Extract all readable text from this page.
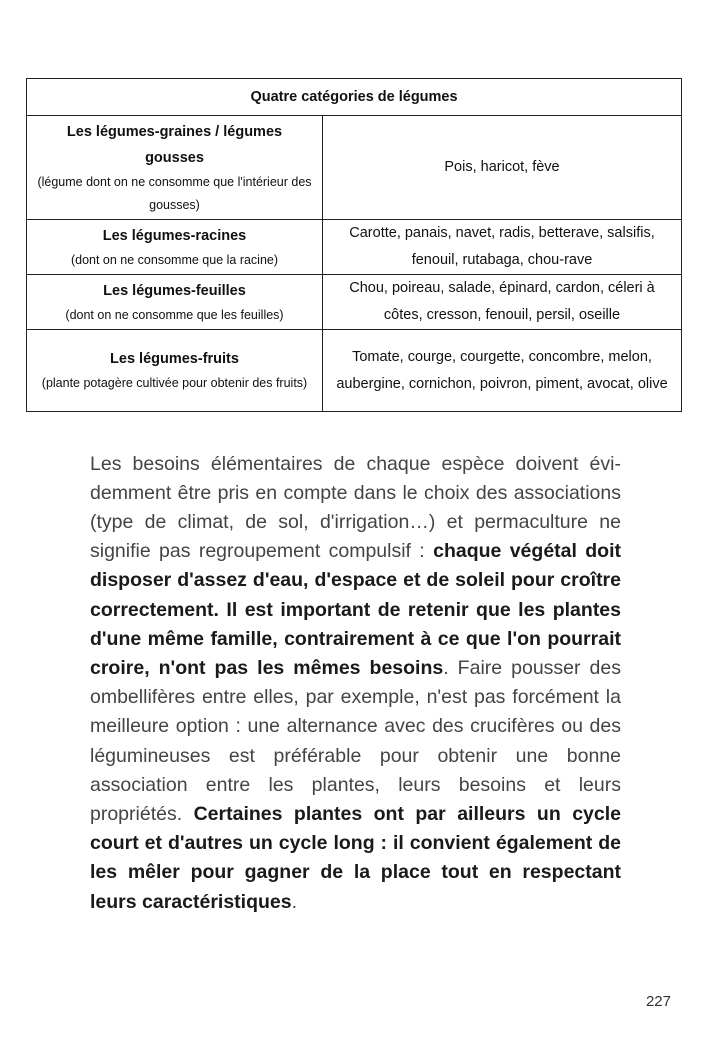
Quatre catégories de légumes	

Les légumes-graines / légumes gousses
(légume dont on ne consomme que l'intérieur des gousses)	Pois, haricot, fève

Les légumes-racines
(dont on ne consomme que la racine)	Carotte, panais, navet, radis, betterave, salsifis, fenouil, rutabaga, chou-rave

Les légumes-feuilles
(dont on ne consomme que les feuilles)	Chou, poireau, salade, épinard, cardon, céleri à côtes, cresson, fenouil, persil, oseille

Les légumes-fruits
(plante potagère cultivée pour obtenir des fruits)	Tomate, courge, courgette, concombre, melon, aubergine, cornichon, poivron, piment, avocat, olive

Les besoins élémentaires de chaque espèce doivent évidemment être pris en compte dans le choix des associations (type de climat, de sol, d'irrigation…) et permaculture ne signifie pas regroupement compulsif : chaque végétal doit disposer d'assez d'eau, d'espace et de soleil pour croître correctement. Il est important de retenir que les plantes d'une même famille, contrairement à ce que l'on pourrait croire, n'ont pas les mêmes besoins. Faire pousser des ombellifères entre elles, par exemple, n'est pas forcément la meilleure option : une alternance avec des crucifères ou des légumineuses est préférable pour obtenir une bonne association entre les plantes, leurs besoins et leurs propriétés. Certaines plantes ont par ailleurs un cycle court et d'autres un cycle long : il convient également de les mêler pour gagner de la place tout en respectant leurs caractéristiques.

227
